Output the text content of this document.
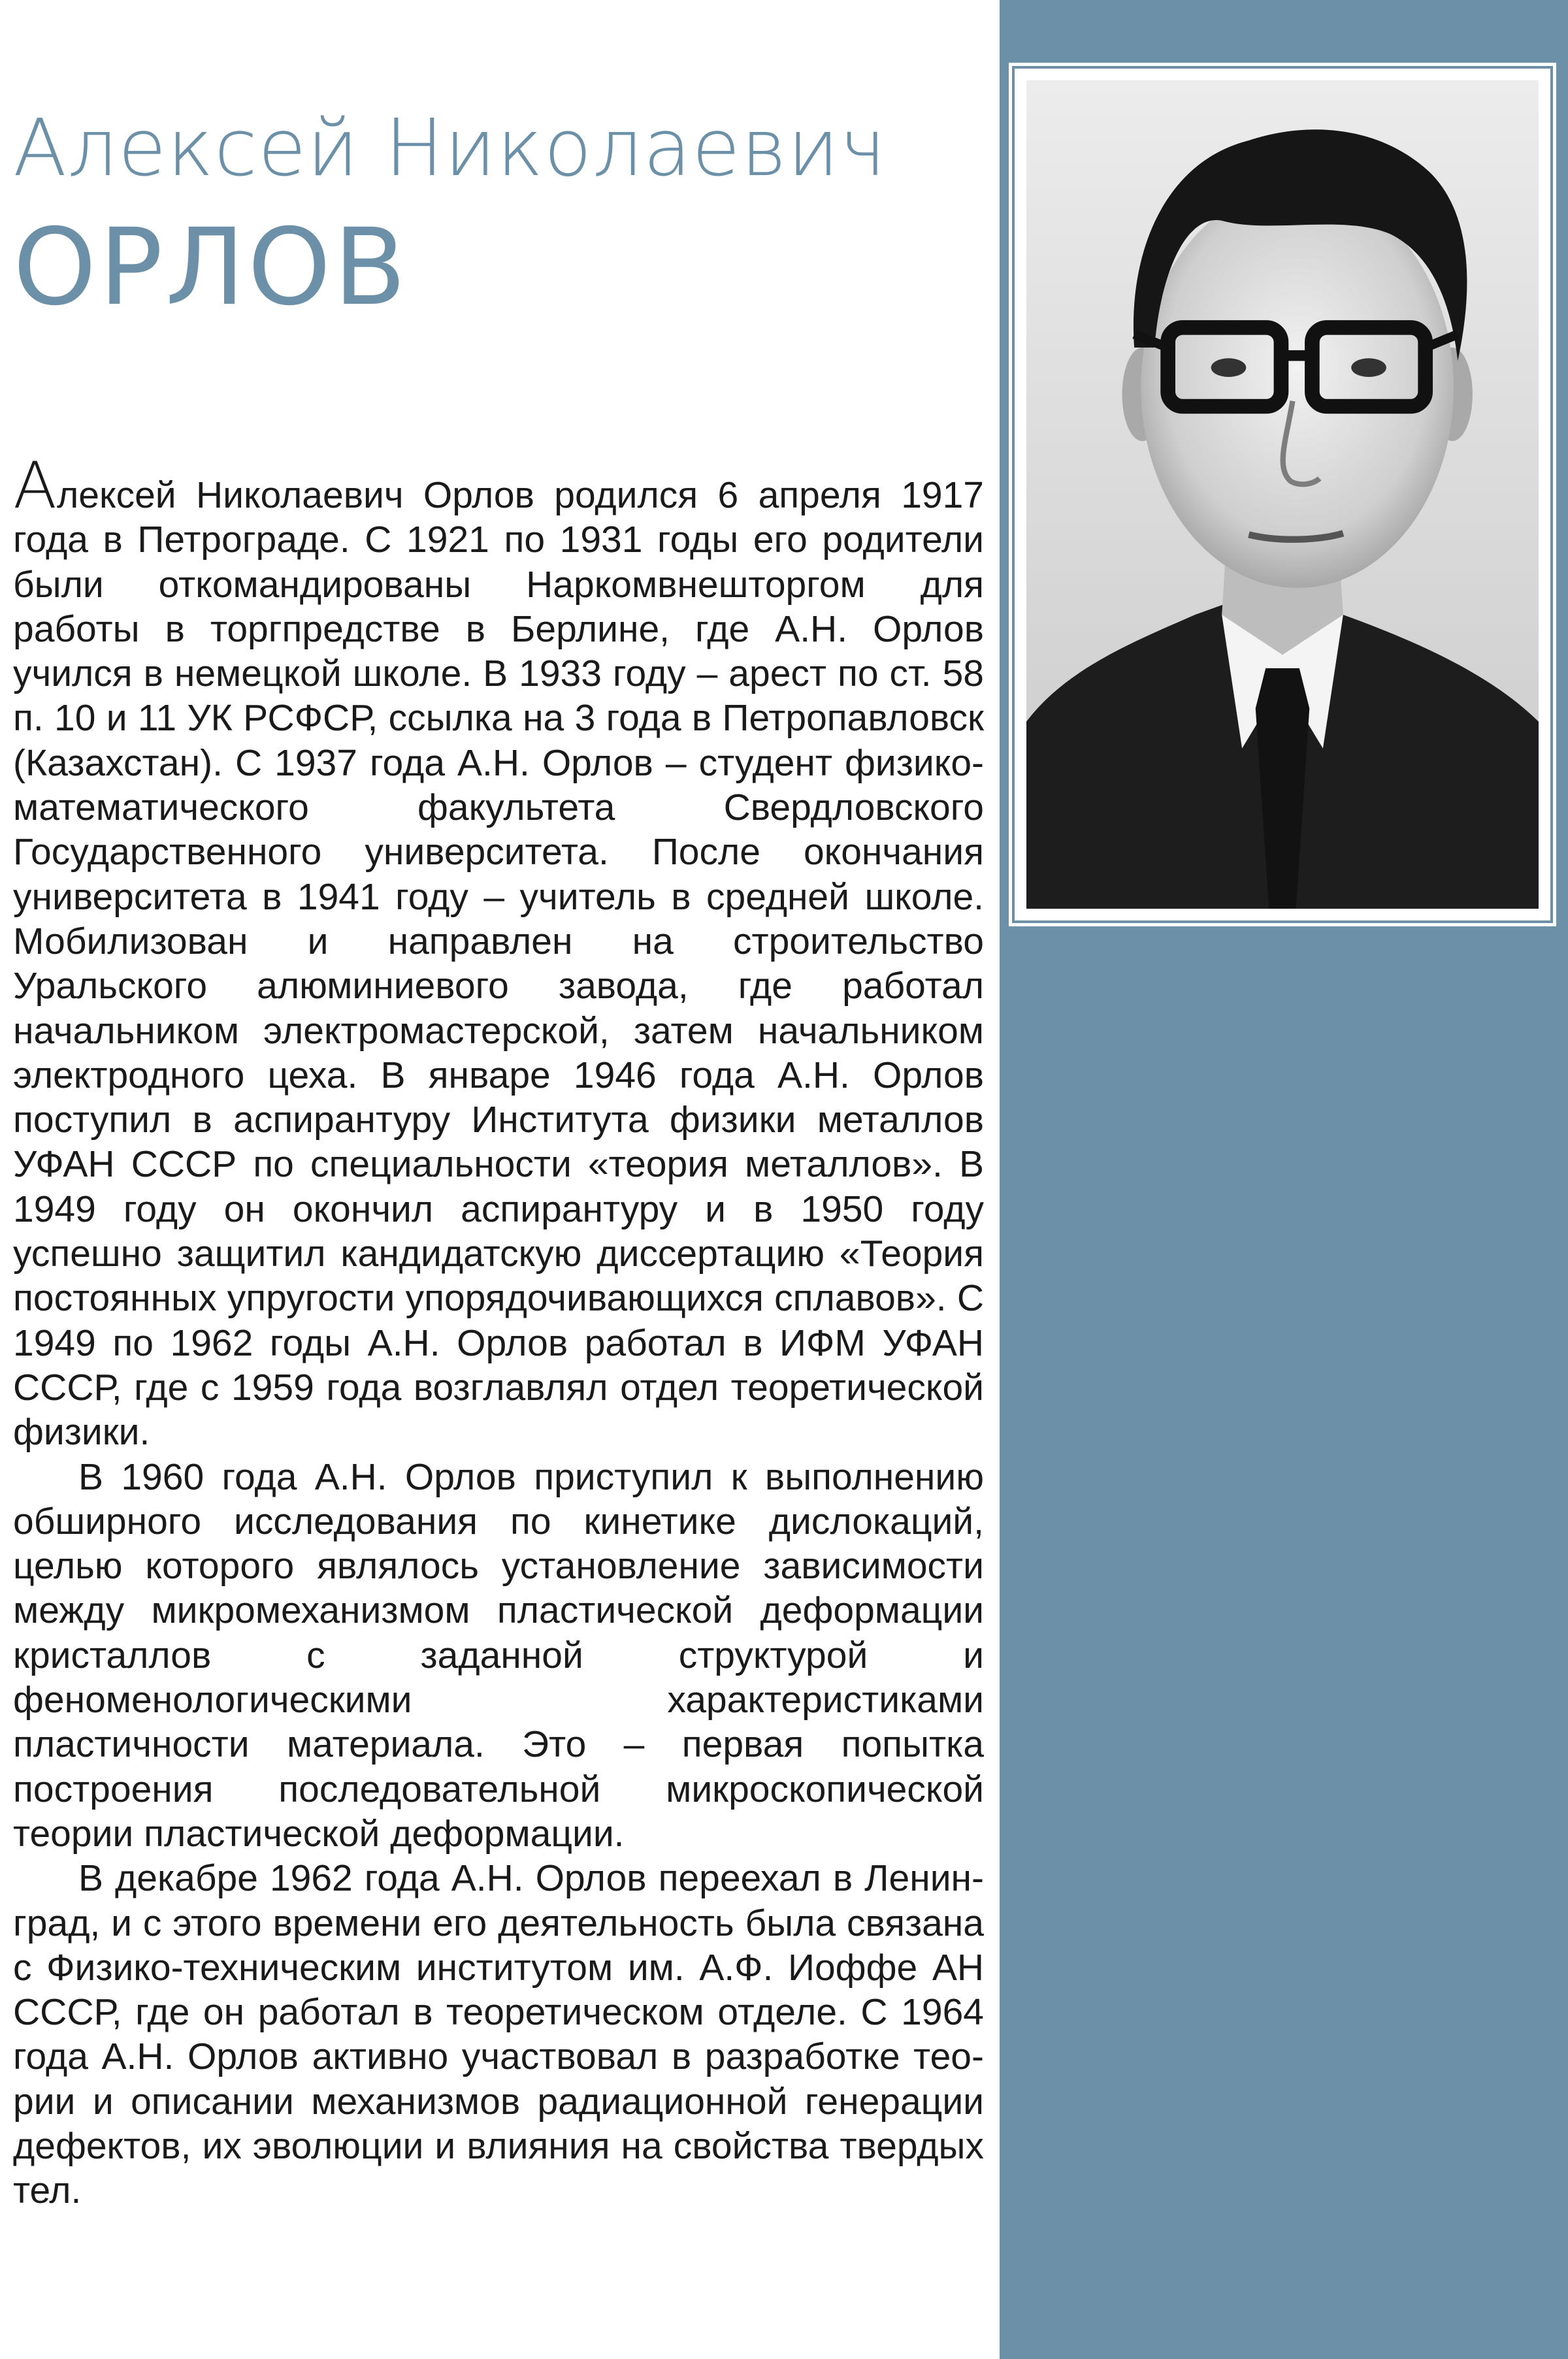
Алексей Николаевич
ОРЛОВ

Алексей Николаевич Орлов родился 6 апреля 1917 года в Петрограде. С 1921 по 1931 годы его родители были откомандированы Наркомвнешторгом для работы в торгпредстве в Берлине, где А.Н. Орлов учился в немецкой школе. В 1933 году – арест по ст. 58 п. 10 и 11 УК РСФСР, ссылка на 3 года в Петропавловск (Казахстан). С 1937 года А.Н. Орлов – студент физико-математического факультета Свердловского Государственного университета. После окончания университета в 1941 году – учитель в средней школе. Мобилизован и направлен на строительство Уральского алюминиевого завода, где работал начальником электромастерской, затем начальником электродного цеха. В январе 1946 года А.Н. Орлов поступил в аспирантуру Института физики металлов УФАН СССР по специальности «теория металлов». В 1949 году он окончил аспирантуру и в 1950 году успешно защитил кандидатскую диссертацию «Теория постоянных упругости упорядочивающихся сплавов». С 1949 по 1962 годы А.Н. Орлов работал в ИФМ УФАН СССР, где с 1959 года возглавлял отдел теоретической физики.

В 1960 года А.Н. Орлов приступил к выполнению обширного исследования по кинетике дислокаций, целью которого являлось установление зависимости между микромеханизмом пластической деформации кристаллов с заданной структурой и феноменологическими характеристиками пластичности материала. Это – первая попытка построения последовательной микроскопической теории пластической деформации.

В декабре 1962 года А.Н. Орлов переехал в Ленинград, и с этого времени его деятельность была связана с Физико-техническим институтом им. А.Ф. Иоффе АН СССР, где он работал в теоретическом отделе. С 1964 года А.Н. Орлов активно участвовал в разработке теории и описании механизмов радиационной генерации дефектов, их эволюции и влияния на свойства твердых тел.
